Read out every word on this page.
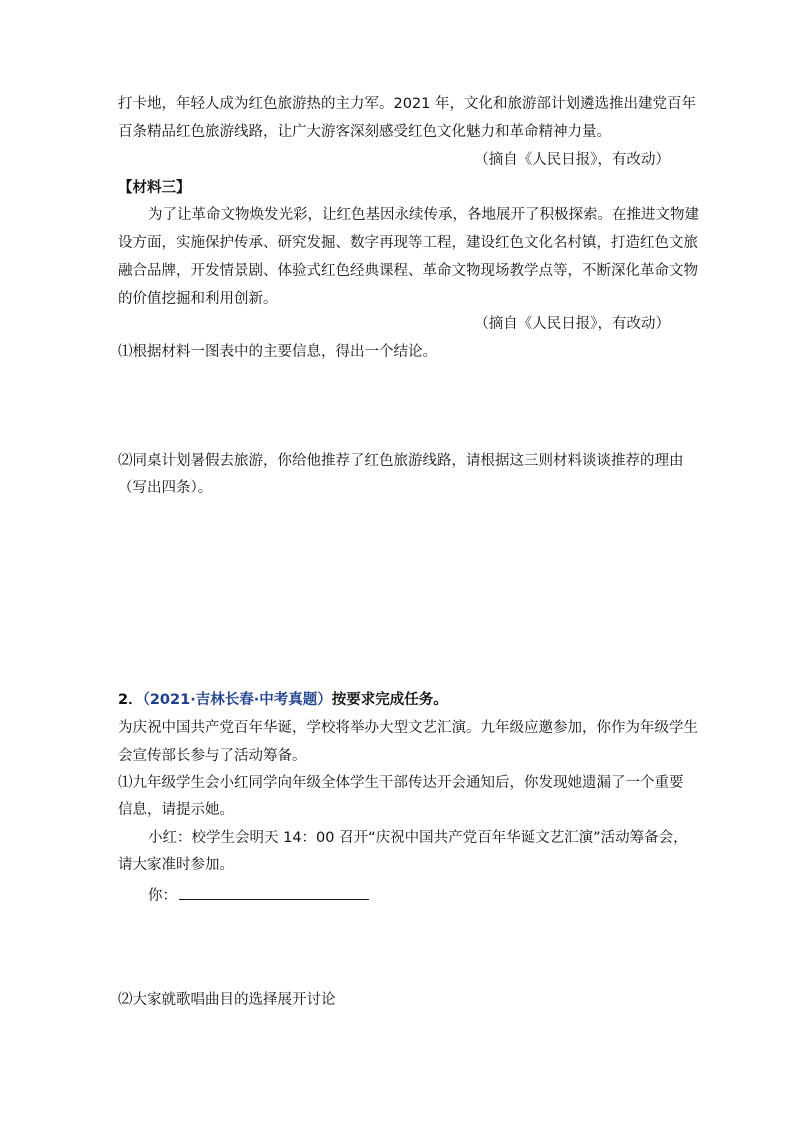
打卡地，年轻人成为红色旅游热的主力军。2021 年，文化和旅游部计划遴选推出建党百年
百条精品红色旅游线路，让广大游客深刻感受红色文化魅力和革命精神力量。
（摘自《人民日报》，有改动）
【材料三】
为了让革命文物焕发光彩，让红色基因永续传承，各地展开了积极探索。在推进文物建
设方面，实施保护传承、研究发掘、数字再现等工程，建设红色文化名村镇，打造红色文旅
融合品牌，开发情景剧、体验式红色经典课程、革命文物现场教学点等，不断深化革命文物
的价值挖掘和利用创新。
（摘自《人民日报》，有改动）
⑴根据材料一图表中的主要信息，得出一个结论。
⑵同桌计划暑假去旅游，你给他推荐了红色旅游线路，请根据这三则材料谈谈推荐的理由
（写出四条）。
2．（2021·吉林长春·中考真题）按要求完成任务。
为庆祝中国共产党百年华诞，学校将举办大型文艺汇演。九年级应邀参加，你作为年级学生
会宣传部长参与了活动筹备。
⑴九年级学生会小红同学向年级全体学生干部传达开会通知后，你发现她遗漏了一个重要
信息，请提示她。
小红：校学生会明天 14：00 召开“庆祝中国共产党百年华诞文艺汇演”活动筹备会，
请大家准时参加。
你：
⑵大家就歌唱曲目的选择展开讨论
